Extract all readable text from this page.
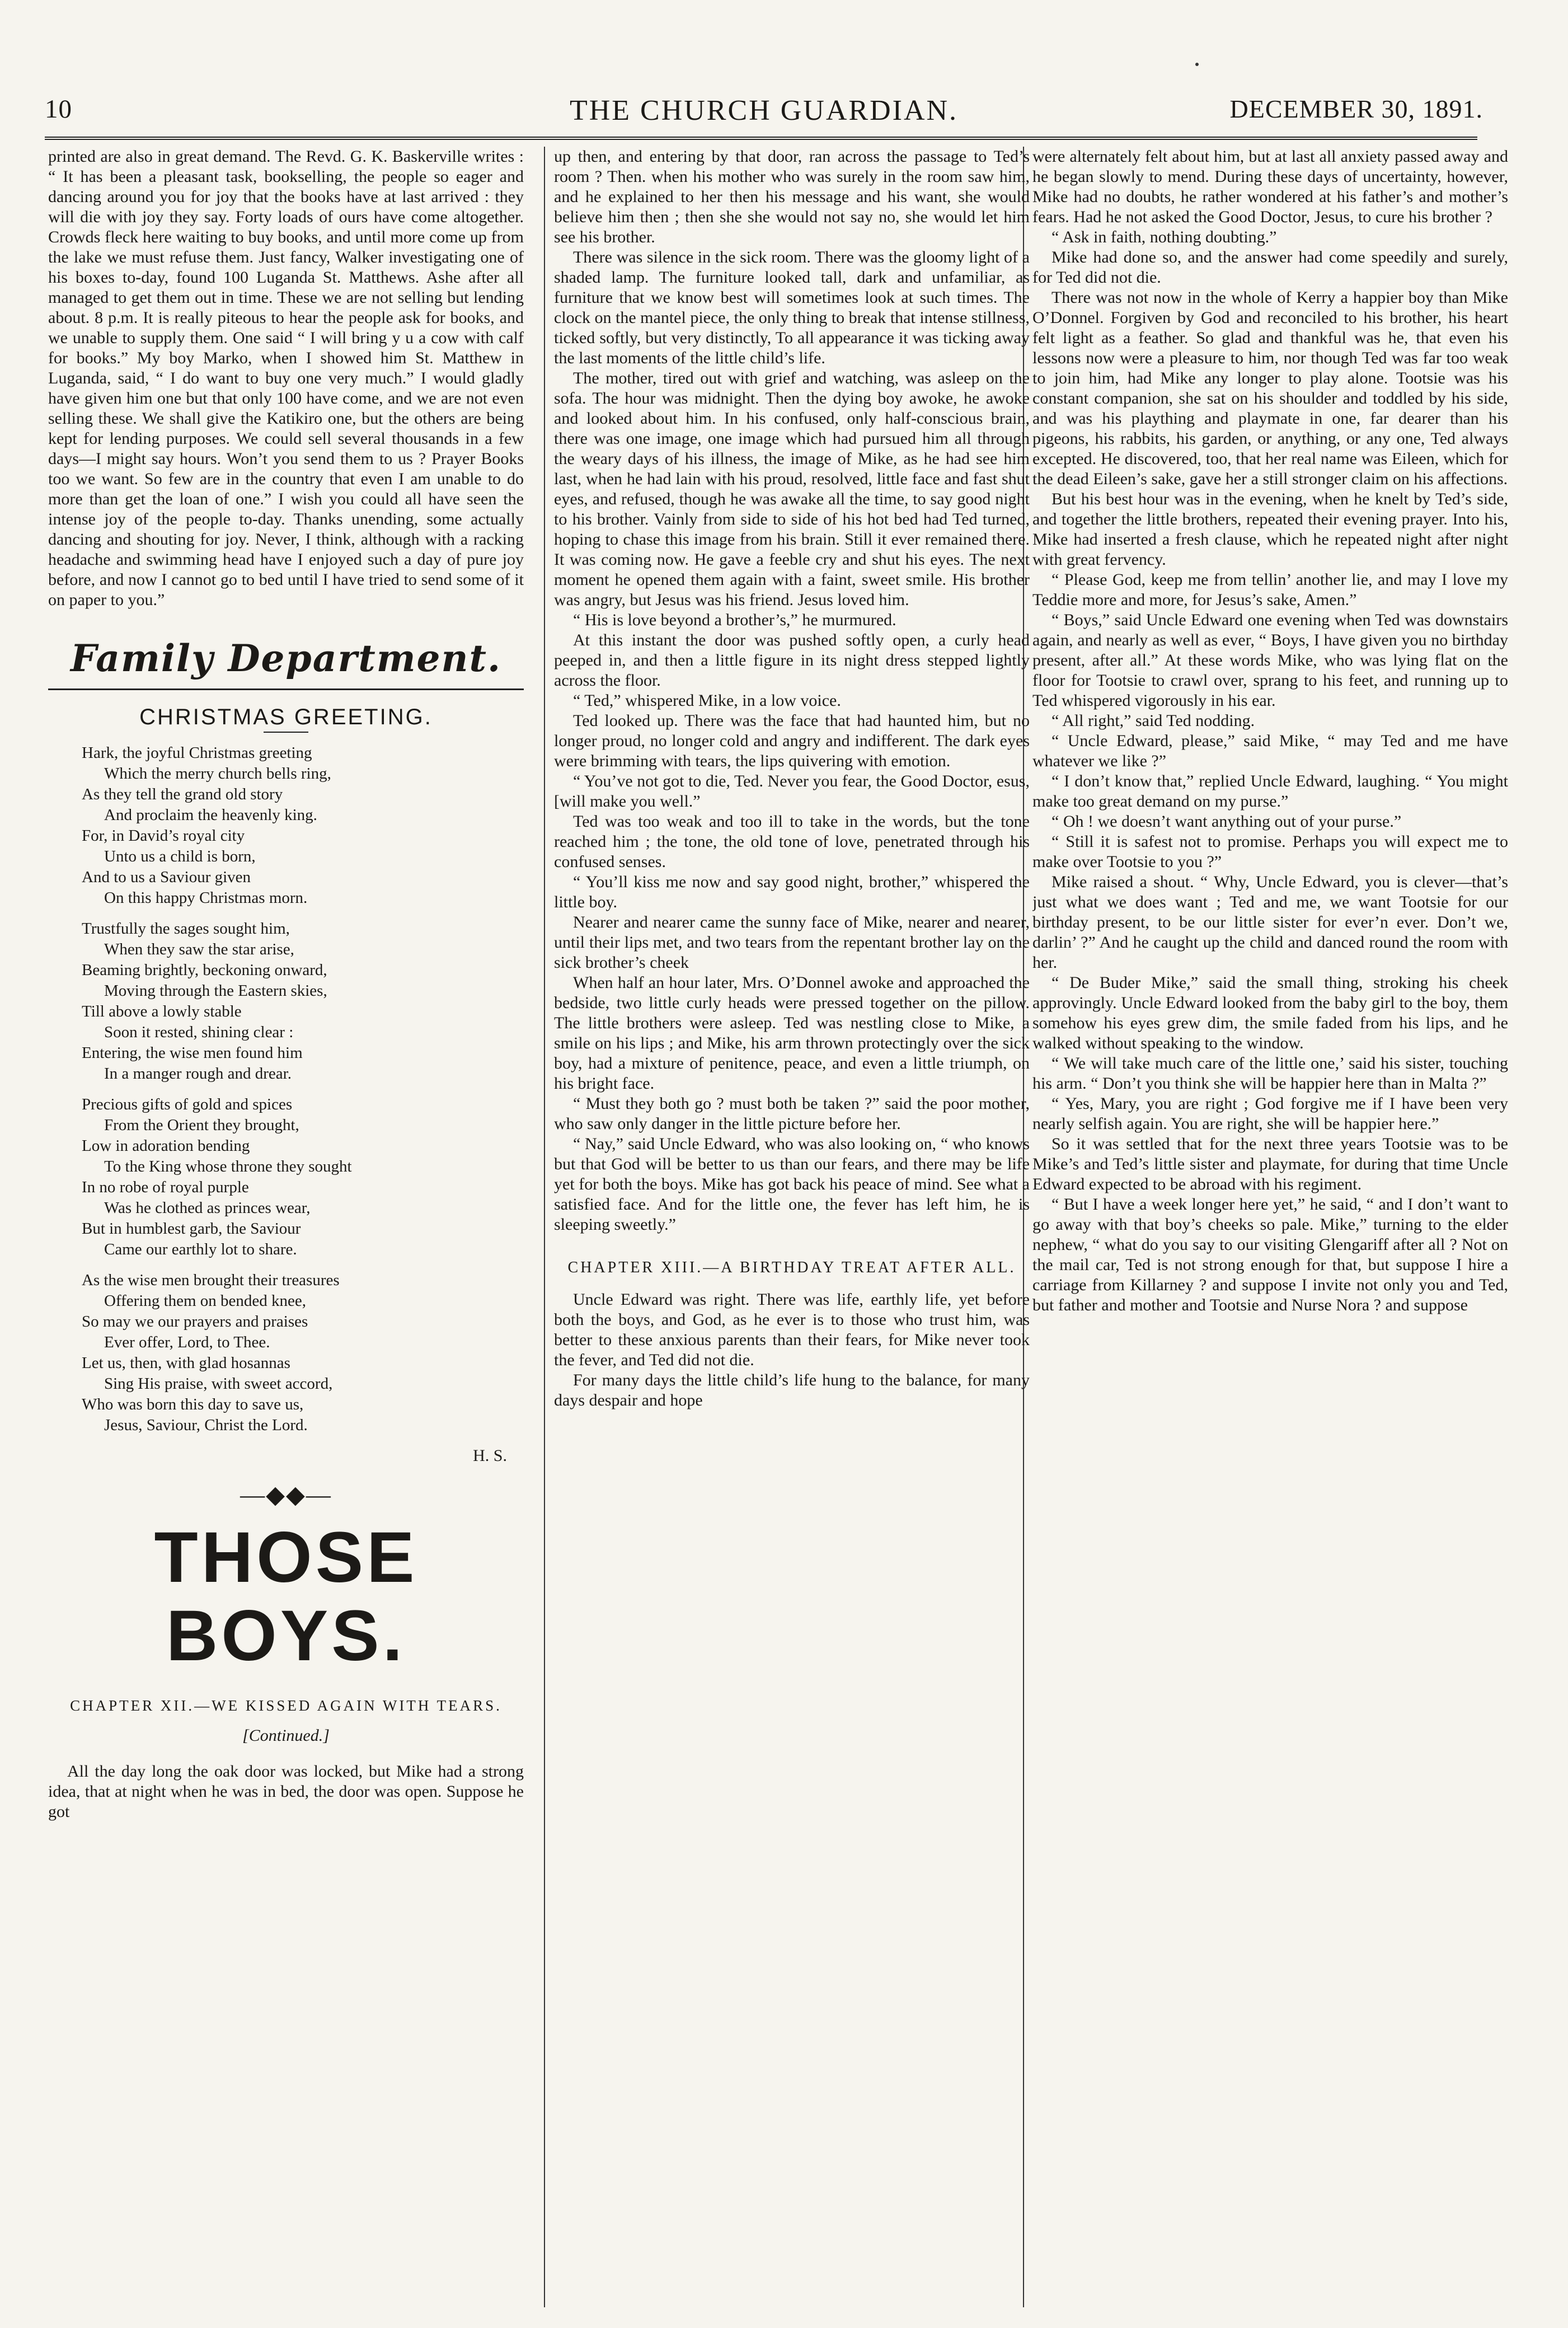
10	THE CHURCH GUARDIAN.	DECEMBER 30, 1891.

printed are also in great demand. The Revd. G. K. Baskerville writes : “ It has been a pleasant task, bookselling, the people so eager and dancing around you for joy that the books have at last arrived : they will die with joy they say. Forty loads of ours have come altogether. Crowds fleck here waiting to buy books, and until more come up from the lake we must refuse them. Just fancy, Walker investigating one of his boxes to-day, found 100 Luganda St. Matthews. Ashe after all managed to get them out in time. These we are not selling but lending about. 8 p.m. It is really piteous to hear the people ask for books, and we unable to supply them. One said “ I will bring y u a cow with calf for books.” My boy Marko, when I showed him St. Matthew in Luganda, said, “ I do want to buy one very much.” I would gladly have given him one but that only 100 have come, and we are not even selling these. We shall give the Katikiro one, but the others are being kept for lending purposes. We could sell several thousands in a few days—I might say hours. Won’t you send them to us ? Prayer Books too we want. So few are in the country that even I am unable to do more than get the loan of one.” I wish you could all have seen the intense joy of the people to-day. Thanks unending, some actually dancing and shouting for joy. Never, I think, although with a racking headache and swimming head have I enjoyed such a day of pure joy before, and now I cannot go to bed until I have tried to send some of it on paper to you.”

Family Department.
CHRISTMAS GREETING.
Hark, the joyful Christmas greeting
Which the merry church bells ring,
As they tell the grand old story
And proclaim the heavenly king.
For, in David’s royal city
Unto us a child is born,
And to us a Saviour given
On this happy Christmas morn.
Trustfully the sages sought him,
When they saw the star arise,
Beaming brightly, beckoning onward,
Moving through the Eastern skies,
Till above a lowly stable
Soon it rested, shining clear :
Entering, the wise men found him
In a manger rough and drear.
Precious gifts of gold and spices
From the Orient they brought,
Low in adoration bending
To the King whose throne they sought
In no robe of royal purple
Was he clothed as princes wear,
But in humblest garb, the Saviour
Came our earthly lot to share.
As the wise men brought their treasures
Offering them on bended knee,
So may we our prayers and praises
Ever offer, Lord, to Thee.
Let us, then, with glad hosannas
Sing His praise, with sweet accord,
Who was born this day to save us,
Jesus, Saviour, Christ the Lord.
H. S.
—◆◆—
THOSE BOYS.
CHAPTER XII.—WE KISSED AGAIN WITH TEARS.
[Continued.]

All the day long the oak door was locked, but Mike had a strong idea, that at night when he was in bed, the door was open. Suppose he got

up then, and entering by that door, ran across the passage to Ted’s room ? Then. when his mother who was surely in the room saw him, and he explained to her then his message and his want, she would believe him then ; then she she would not say no, she would let him see his brother.

There was silence in the sick room. There was the gloomy light of a shaded lamp. The furniture looked tall, dark and unfamiliar, as furniture that we know best will sometimes look at such times. The clock on the mantel piece, the only thing to break that intense stillness, ticked softly, but very distinctly, To all appearance it was ticking away the last moments of the little child’s life.

The mother, tired out with grief and watching, was asleep on the sofa. The hour was midnight. Then the dying boy awoke, he awoke and looked about him. In his confused, only half-conscious brain, there was one image, one image which had pursued him all through the weary days of his illness, the image of Mike, as he had see him last, when he had lain with his proud, resolved, little face and fast shut eyes, and refused, though he was awake all the time, to say good night to his brother. Vainly from side to side of his hot bed had Ted turned, hoping to chase this image from his brain. Still it ever remained there. It was coming now. He gave a feeble cry and shut his eyes. The next moment he opened them again with a faint, sweet smile. His brother was angry, but Jesus was his friend. Jesus loved him.

“ His is love beyond a brother’s,” he murmured.

At this instant the door was pushed softly open, a curly head peeped in, and then a little figure in its night dress stepped lightly across the floor.

“ Ted,” whispered Mike, in a low voice.

Ted looked up. There was the face that had haunted him, but no longer proud, no longer cold and angry and indifferent. The dark eyes were brimming with tears, the lips quivering with emotion.

“ You’ve not got to die, Ted. Never you fear, the Good Doctor, esus, [will make you well.”

Ted was too weak and too ill to take in the words, but the tone reached him ; the tone, the old tone of love, penetrated through his confused senses.

“ You’ll kiss me now and say good night, brother,” whispered the little boy.

Nearer and nearer came the sunny face of Mike, nearer and nearer, until their lips met, and two tears from the repentant brother lay on the sick brother’s cheek

When half an hour later, Mrs. O’Donnel awoke and approached the bedside, two little curly heads were pressed together on the pillow. The little brothers were asleep. Ted was nestling close to Mike, a smile on his lips ; and Mike, his arm thrown protectingly over the sick boy, had a mixture of penitence, peace, and even a little triumph, on his bright face.

“ Must they both go ? must both be taken ?” said the poor mother, who saw only danger in the little picture before her.

“ Nay,” said Uncle Edward, who was also looking on, “ who knows but that God will be better to us than our fears, and there may be life yet for both the boys. Mike has got back his peace of mind. See what a satisfied face. And for the little one, the fever has left him, he is sleeping sweetly.”

CHAPTER XIII.—A BIRTHDAY TREAT AFTER ALL.

Uncle Edward was right. There was life, earthly life, yet before both the boys, and God, as he ever is to those who trust him, was better to these anxious parents than their fears, for Mike never took the fever, and Ted did not die.

For many days the little child’s life hung to the balance, for many days despair and hope

were alternately felt about him, but at last all anxiety passed away and he began slowly to mend. During these days of uncertainty, however, Mike had no doubts, he rather wondered at his father’s and mother’s fears. Had he not asked the Good Doctor, Jesus, to cure his brother ?

“ Ask in faith, nothing doubting.”

Mike had done so, and the answer had come speedily and surely, for Ted did not die.

There was not now in the whole of Kerry a happier boy than Mike O’Donnel. Forgiven by God and reconciled to his brother, his heart felt light as a feather. So glad and thankful was he, that even his lessons now were a pleasure to him, nor though Ted was far too weak to join him, had Mike any longer to play alone. Tootsie was his constant companion, she sat on his shoulder and toddled by his side, and was his plaything and playmate in one, far dearer than his pigeons, his rabbits, his garden, or anything, or any one, Ted always excepted. He discovered, too, that her real name was Eileen, which for the dead Eileen’s sake, gave her a still stronger claim on his affections.

But his best hour was in the evening, when he knelt by Ted’s side, and together the little brothers, repeated their evening prayer. Into his, Mike had inserted a fresh clause, which he repeated night after night with great fervency.

“ Please God, keep me from tellin’ another lie, and may I love my Teddie more and more, for Jesus’s sake, Amen.”

“ Boys,” said Uncle Edward one evening when Ted was downstairs again, and nearly as well as ever, “ Boys, I have given you no birthday present, after all.” At these words Mike, who was lying flat on the floor for Tootsie to crawl over, sprang to his feet, and running up to Ted whispered vigorously in his ear.

“ All right,” said Ted nodding.

“ Uncle Edward, please,” said Mike, “ may Ted and me have whatever we like ?”

“ I don’t know that,” replied Uncle Edward, laughing. “ You might make too great demand on my purse.”

“ Oh ! we doesn’t want anything out of your purse.”

“ Still it is safest not to promise. Perhaps you will expect me to make over Tootsie to you ?”

Mike raised a shout. “ Why, Uncle Edward, you is clever—that’s just what we does want ; Ted and me, we want Tootsie for our birthday present, to be our little sister for ever’n ever. Don’t we, darlin’ ?” And he caught up the child and danced round the room with her.

“ De Buder Mike,” said the small thing, stroking his cheek approvingly. Uncle Edward looked from the baby girl to the boy, them somehow his eyes grew dim, the smile faded from his lips, and he walked without speaking to the window.

“ We will take much care of the little one,’ said his sister, touching his arm. “ Don’t you think she will be happier here than in Malta ?”

“ Yes, Mary, you are right ; God forgive me if I have been very nearly selfish again. You are right, she will be happier here.”

So it was settled that for the next three years Tootsie was to be Mike’s and Ted’s little sister and playmate, for during that time Uncle Edward expected to be abroad with his regiment.

“ But I have a week longer here yet,” he said, “ and I don’t want to go away with that boy’s cheeks so pale. Mike,” turning to the elder nephew, “ what do you say to our visiting Glengariff after all ? Not on the mail car, Ted is not strong enough for that, but suppose I hire a carriage from Killarney ? and suppose I invite not only you and Ted, but father and mother and Tootsie and Nurse Nora ? and suppose
